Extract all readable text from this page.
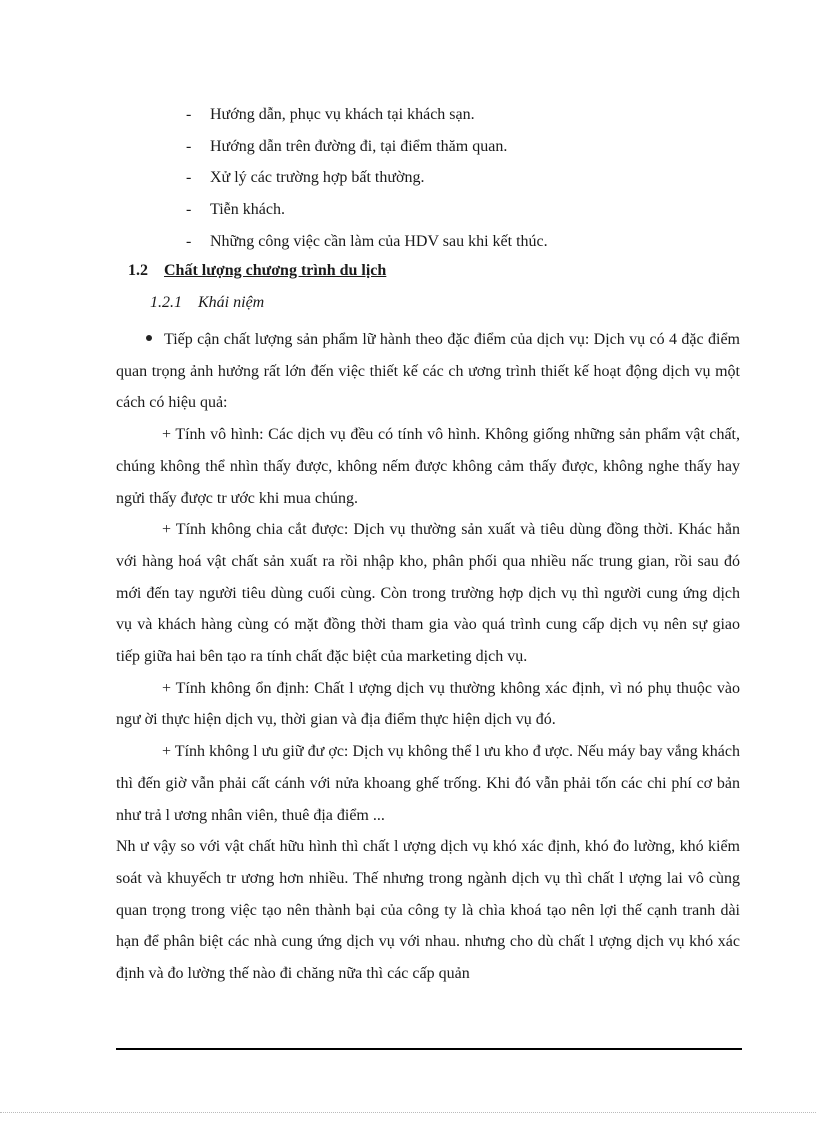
- Hướng dẫn, phục vụ khách tại khách sạn.
- Hướng dẫn trên đường đi, tại điểm thăm quan.
- Xử lý các trường hợp bất thường.
- Tiễn khách.
- Những công việc cần làm của HDV sau khi kết thúc.
1.2 Chất lượng chương trình du lịch
1.2.1 Khái niệm

Tiếp cận chất lượng sản phẩm lữ hành theo đặc điểm của dịch vụ: Dịch vụ có 4 đặc điểm quan trọng ảnh hưởng rất lớn đến việc thiết kế các ch ương trình thiết kế hoạt động dịch vụ một cách có hiệu quả:

+ Tính vô hình: Các dịch vụ đều có tính vô hình. Không giống những sản phẩm vật chất, chúng không thể nhìn thấy được, không nếm được không cảm thấy được, không nghe thấy hay ngửi thấy được tr ước khi mua chúng.

+ Tính không chia cắt được: Dịch vụ thường sản xuất và tiêu dùng đồng thời. Khác hẳn với hàng hoá vật chất sản xuất ra rồi nhập kho, phân phối qua nhiều nấc trung gian, rồi sau đó mới đến tay người tiêu dùng cuối cùng. Còn trong trường hợp dịch vụ thì người cung ứng dịch vụ và khách hàng cùng có mặt đồng thời tham gia vào quá trình cung cấp dịch vụ nên sự giao tiếp giữa hai bên tạo ra tính chất đặc biệt của marketing dịch vụ.

+ Tính không ổn định: Chất l ượng dịch vụ thường không xác định, vì nó phụ thuộc vào ngư ời thực hiện dịch vụ, thời gian và địa điểm thực hiện dịch vụ đó.

+ Tính không l ưu giữ đư ợc: Dịch vụ không thể l ưu kho đ ược. Nếu máy bay vắng khách thì đến giờ vẫn phải cất cánh với nửa khoang ghế trống. Khi đó vẫn phải tốn các chi phí cơ bản như trả l ương nhân viên, thuê địa điểm ...

Nh ư vậy so với vật chất hữu hình thì chất l ượng dịch vụ khó xác định, khó đo lường, khó kiểm soát và khuyếch tr ương hơn nhiều. Thế nhưng trong ngành dịch vụ thì chất l ượng lai vô cùng quan trọng trong việc tạo nên thành bại của công ty là chìa khoá tạo nên lợi thế cạnh tranh dài hạn để phân biệt các nhà cung ứng dịch vụ với nhau. nhưng cho dù chất l ượng dịch vụ khó xác định và đo lường thế nào đi chăng nữa thì các cấp quản
